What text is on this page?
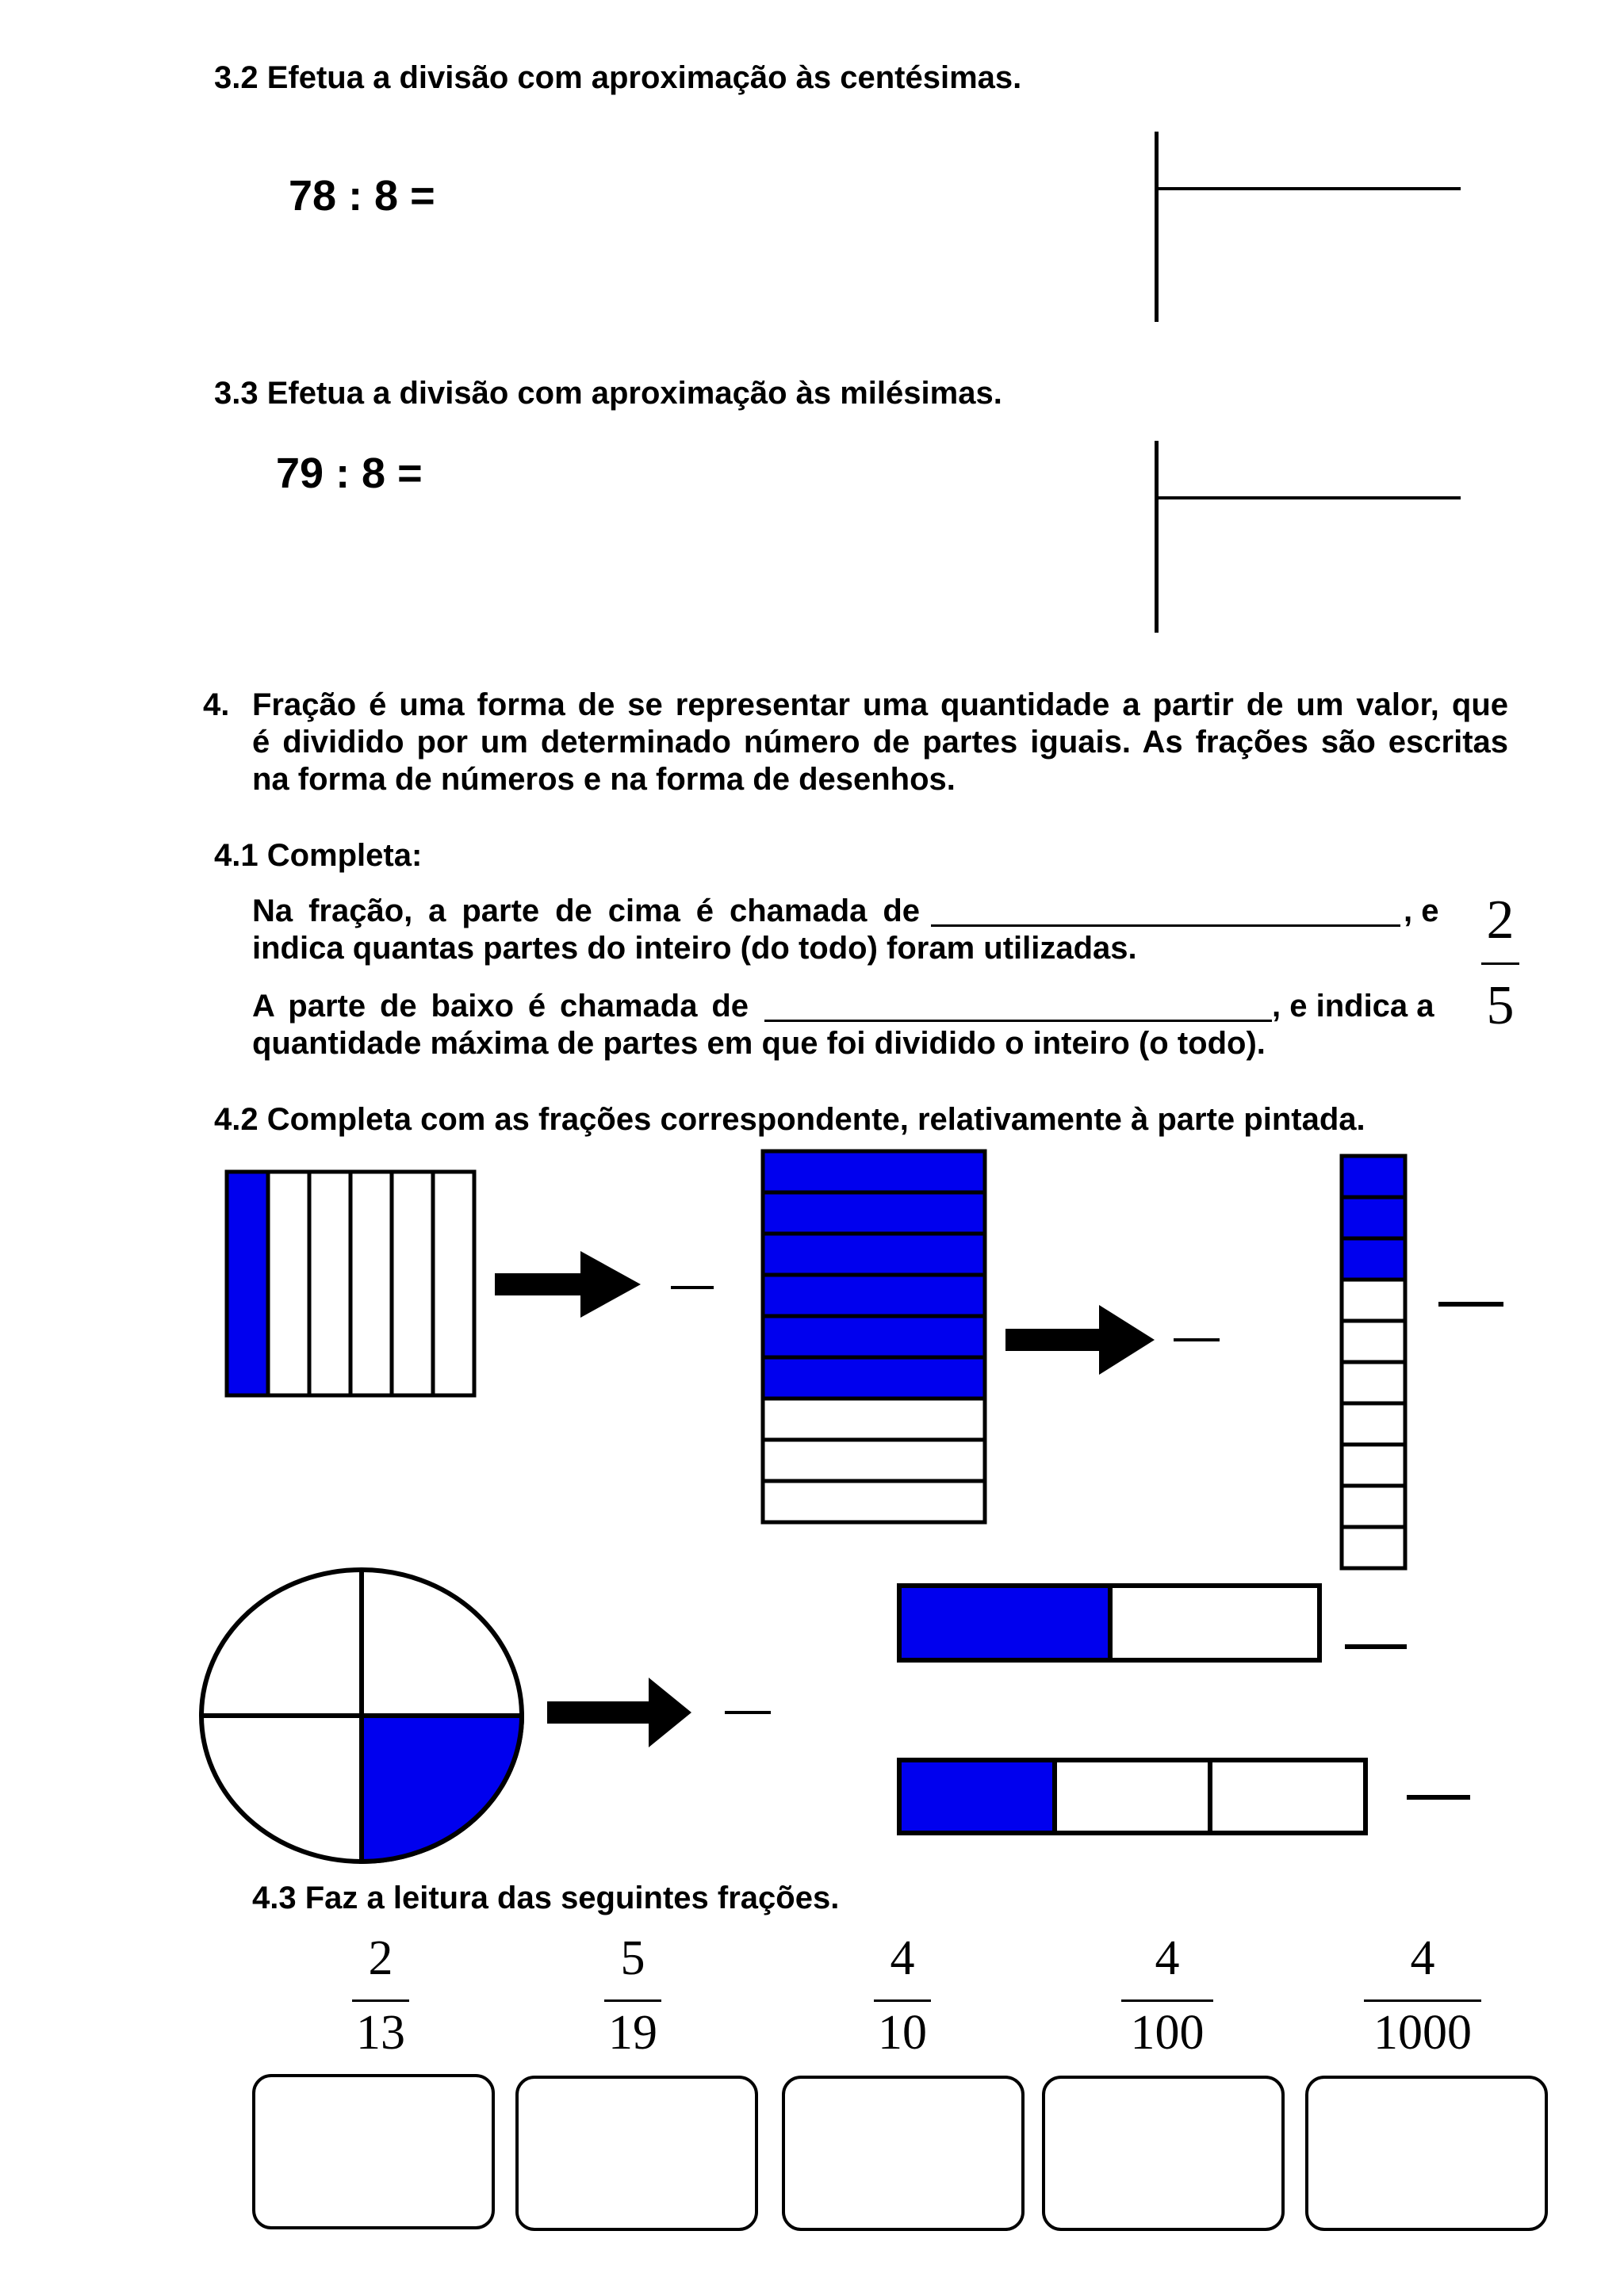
3.2 Efetua a divisão com aproximação às centésimas.
78 : 8 =
3.3 Efetua a divisão com aproximação às milésimas.
79 : 8 =
4. Fração é uma forma de se representar uma quantidade a partir de um valor, que
é dividido por um determinado número de partes iguais. As frações são escritas
na forma de números e na forma de desenhos.
4.1 Completa:
Na fração, a parte de cima é chamada de	, e
indica quantas partes do inteiro (do todo) foram utilizadas.
A parte de baixo é chamada de	, e indica a
quantidade máxima de partes em que foi dividido o inteiro (o todo).
2
5
4.2 Completa com as frações correspondente, relativamente à parte pintada.
4.3 Faz a leitura das seguintes frações.
2
13
5
19
4
10
4
100
4
1000
